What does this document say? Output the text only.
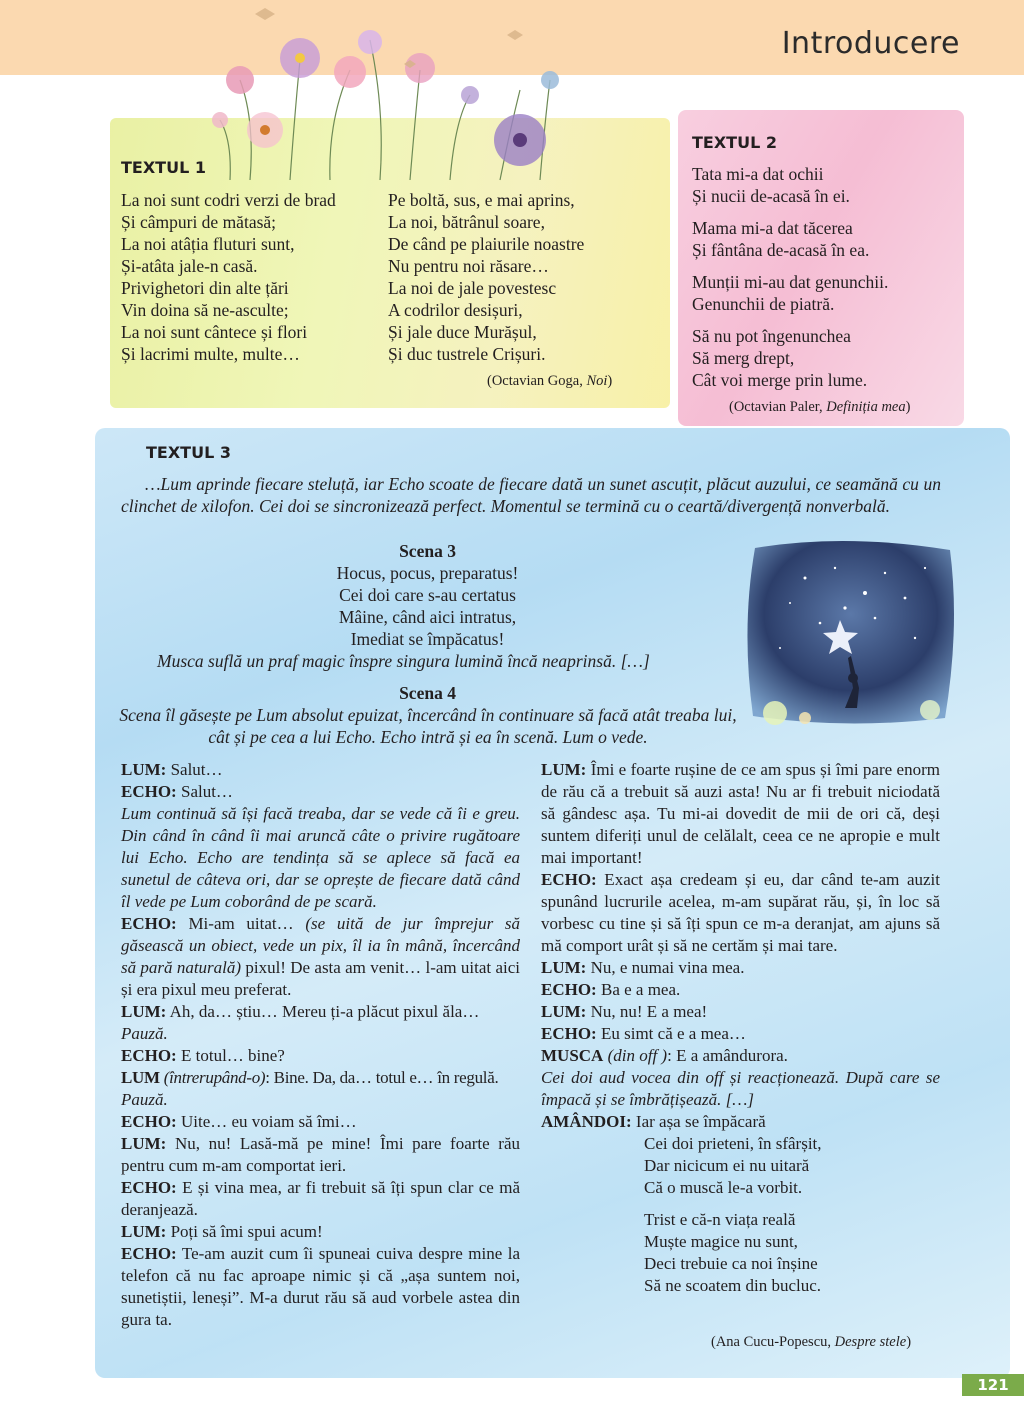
Introducere
TEXTUL 1
La noi sunt codri verzi de brad
Și câmpuri de mătasă;
La noi atâția fluturi sunt,
Și-atâta jale-n casă.
Privighetori din alte țări
Vin doina să ne-asculte;
La noi sunt cântece și flori
Și lacrimi multe, multe…
Pe boltă, sus, e mai aprins,
La noi, bătrânul soare,
De când pe plaiurile noastre
Nu pentru noi răsare…
La noi de jale povestesc
A codrilor desișuri,
Și jale duce Murășul,
Și duc tustrele Crișuri.
(Octavian Goga, Noi)
TEXTUL 2
Tata mi-a dat ochii
Și nucii de-acasă în ei.
Mama mi-a dat tăcerea
Și fântâna de-acasă în ea.
Munții mi-au dat genunchii.
Genunchii de piatră.
Să nu pot îngenunchea
Să merg drept,
Cât voi merge prin lume.
(Octavian Paler, Definiția mea)
TEXTUL 3
…Lum aprinde fiecare steluță, iar Echo scoate de fiecare dată un sunet ascuțit, plăcut auzului, ce seamănă cu un clinchet de xilofon. Cei doi se sincronizează perfect. Momentul se termină cu o ceartă/divergență nonverbală.
Scena 3
Hocus, pocus, preparatus!
Cei doi care s-au certatus
Mâine, când aici intratus,
Imediat se împăcatus!
Musca suflă un praf magic înspre singura lumină încă neaprinsă. […]
Scena 4
Scena îl găsește pe Lum absolut epuizat, încercând în continuare să facă atât treaba lui, cât și pe cea a lui Echo. Echo intră și ea în scenă. Lum o vede.

LUM: Salut…

ECHO: Salut…

Lum continuă să își facă treaba, dar se vede că îi e greu. Din când în când îi mai aruncă câte o privire rugătoare lui Echo. Echo are tendința să se aplece să facă ea sunetul de câteva ori, dar se oprește de fiecare dată când îl vede pe Lum coborând de pe scară.

ECHO: Mi-am uitat… (se uită de jur împrejur să găsească un obiect, vede un pix, îl ia în mână, încercând să pară naturală) pixul! De asta am venit… l-am uitat aici și era pixul meu preferat.

LUM: Ah, da… știu… Mereu ți-a plăcut pixul ăla…

Pauză.

ECHO: E totul… bine?

LUM (întrerupând-o): Bine. Da, da… totul e… în regulă.

Pauză.

ECHO: Uite… eu voiam să îmi…

LUM: Nu, nu! Lasă-mă pe mine! Îmi pare foarte rău pentru cum m-am comportat ieri.

ECHO: E și vina mea, ar fi trebuit să îți spun clar ce mă deranjează.

LUM: Poți să îmi spui acum!

ECHO: Te-am auzit cum îi spuneai cuiva despre mine la telefon că nu fac aproape nimic și că „așa suntem noi, sunetiștii, leneși”. M-a durut rău să aud vorbele astea din gura ta.

LUM: Îmi e foarte rușine de ce am spus și îmi pare enorm de rău că a trebuit să auzi asta! Nu ar fi trebuit niciodată să gândesc așa. Tu mi-ai dovedit de mii de ori că, deși suntem diferiți unul de celălalt, ceea ce ne apropie e mult mai important!

ECHO: Exact așa credeam și eu, dar când te-am auzit spunând lucrurile acelea, m-am supărat rău, și, în loc să vorbesc cu tine și să îți spun ce m-a deranjat, am ajuns să mă comport urât și să ne certăm și mai tare.

LUM: Nu, e numai vina mea.

ECHO: Ba e a mea.

LUM: Nu, nu! E a mea!

ECHO: Eu simt că e a mea…

MUSCA (din off ): E a amândurora.

Cei doi aud vocea din off și reacționează. După care se împacă și se îmbrățișează. […]

AMÂNDOI: Iar așa se împăcară

Cei doi prieteni, în sfârșit,
Dar nicicum ei nu uitară
Că o muscă le-a vorbit.
Trist e că-n viața reală
Muște magice nu sunt,
Deci trebuie ca noi înșine
Să ne scoatem din bucluc.
(Ana Cucu-Popescu, Despre stele)
121
